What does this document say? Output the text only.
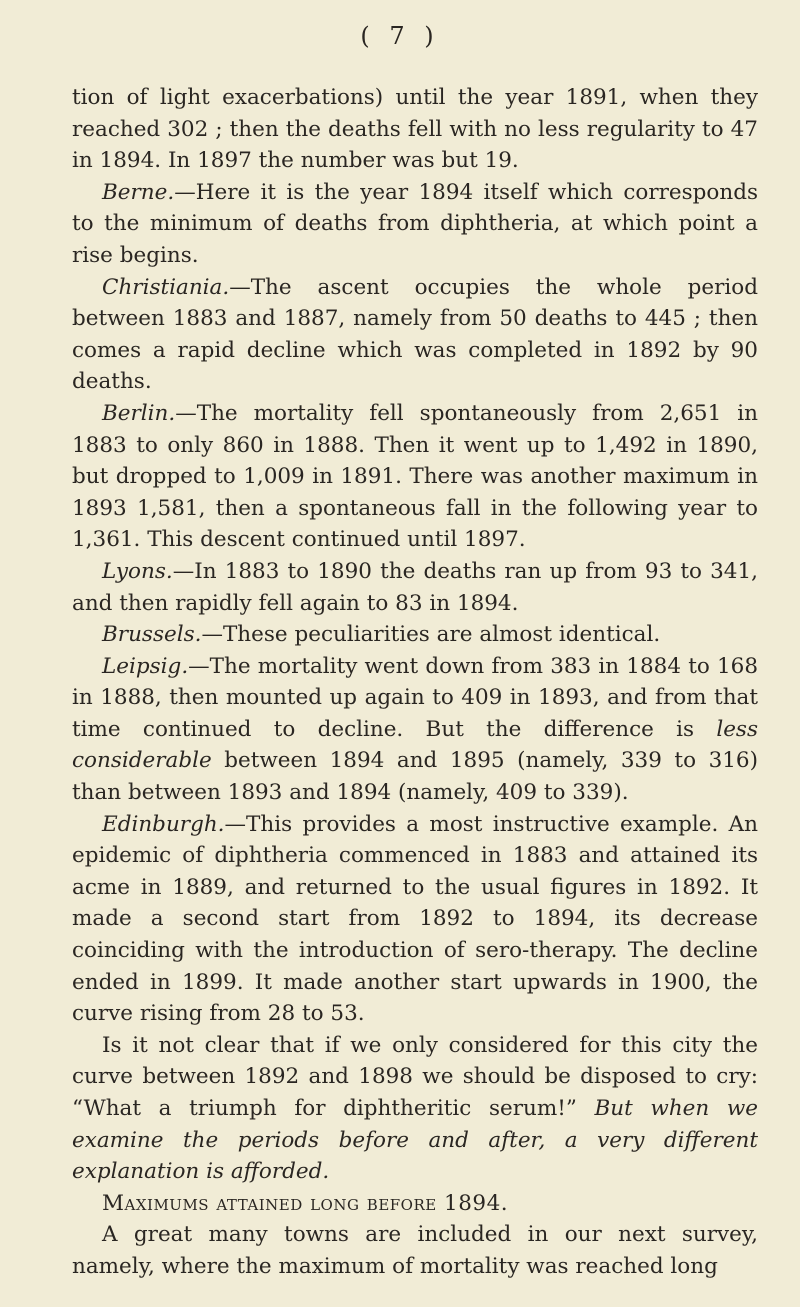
( 7 )

tion of light exacerbations) until the year 1891, when they reached 302 ; then the deaths fell with no less regularity to 47 in 1894. In 1897 the number was but 19.

Berne.—Here it is the year 1894 itself which corresponds to the minimum of deaths from diphtheria, at which point a rise begins.

Christiania.—The ascent occupies the whole period between 1883 and 1887, namely from 50 deaths to 445 ; then comes a rapid decline which was completed in 1892 by 90 deaths.

Berlin.—The mortality fell spontaneously from 2,651 in 1883 to only 860 in 1888. Then it went up to 1,492 in 1890, but dropped to 1,009 in 1891. There was another maximum in 1893 1,581, then a spontaneous fall in the following year to 1,361. This descent continued until 1897.

Lyons.—In 1883 to 1890 the deaths ran up from 93 to 341, and then rapidly fell again to 83 in 1894.

Brussels.—These peculiarities are almost identical.

Leipsig.—The mortality went down from 383 in 1884 to 168 in 1888, then mounted up again to 409 in 1893, and from that time continued to decline. But the difference is less considerable between 1894 and 1895 (namely, 339 to 316) than between 1893 and 1894 (namely, 409 to 339).

Edinburgh.—This provides a most instructive example. An epidemic of diphtheria commenced in 1883 and attained its acme in 1889, and returned to the usual figures in 1892. It made a second start from 1892 to 1894, its decrease coinciding with the introduction of sero-therapy. The decline ended in 1899. It made another start upwards in 1900, the curve rising from 28 to 53.

Is it not clear that if we only considered for this city the curve between 1892 and 1898 we should be disposed to cry: “What a triumph for diphtheritic serum!” But when we examine the periods before and after, a very different explanation is afforded.

Maximums attained long before 1894.

A great many towns are included in our next survey, namely, where the maximum of mortality was reached long
